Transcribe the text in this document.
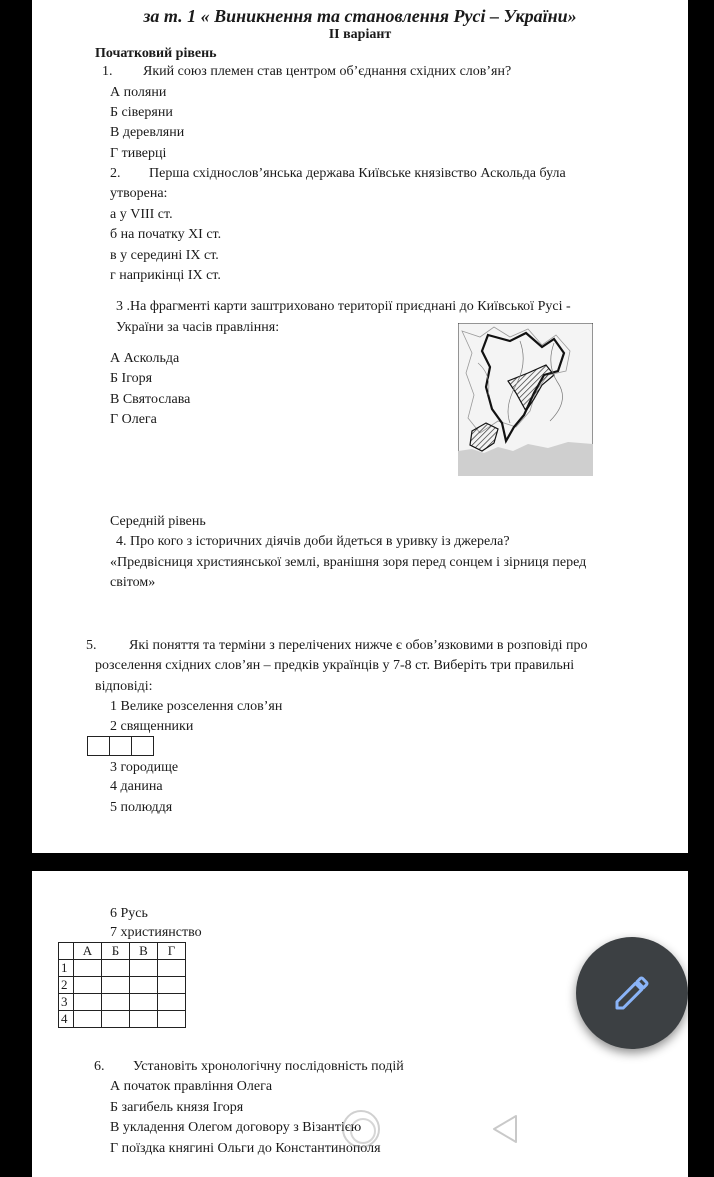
за т. 1 « Виникнення та становлення Русі – України»
ІІ варіант
Початковий рівень
1. Який союз племен став центром об’єднання східних слов’ян?
А поляни
Б сіверяни
В деревляни
Г тиверці
2. Перша східнослов’янська держава Київське князівство Аскольда була
утворена:
а у VIII ст.
б на початку XI ст.
в у середині IX ст.
г наприкінці IX ст.
3 .На фрагменті карти заштриховано території приєднані до Київської Русі -
України за часів правління:
А Аскольда
Б Ігоря
В Святослава
Г Олега
Середній рівень
4. Про кого з історичних діячів доби йдеться в уривку із джерела?
«Предвісниця християнської землі, вранішня зоря перед сонцем і зірниця перед
світом»
5. Які поняття та терміни з перелічених нижче є обов’язковими в розповіді про
розселення східних слов’ян – предків українців у 7-8 ст. Виберіть три правильні
відповіді:
1 Велике розселення слов’ян
2 священники
3 городище
4 данина
5 полюддя
6 Русь
7 християнство
6. Установіть хронологічну послідовність подій
А початок правління Олега
Б загибель князя Ігоря
В укладення Олегом договору з Візантією
Г поїздка княгині Ольги до Константинополя
	А	Б	В	Г
1				
2				
3				
4				
